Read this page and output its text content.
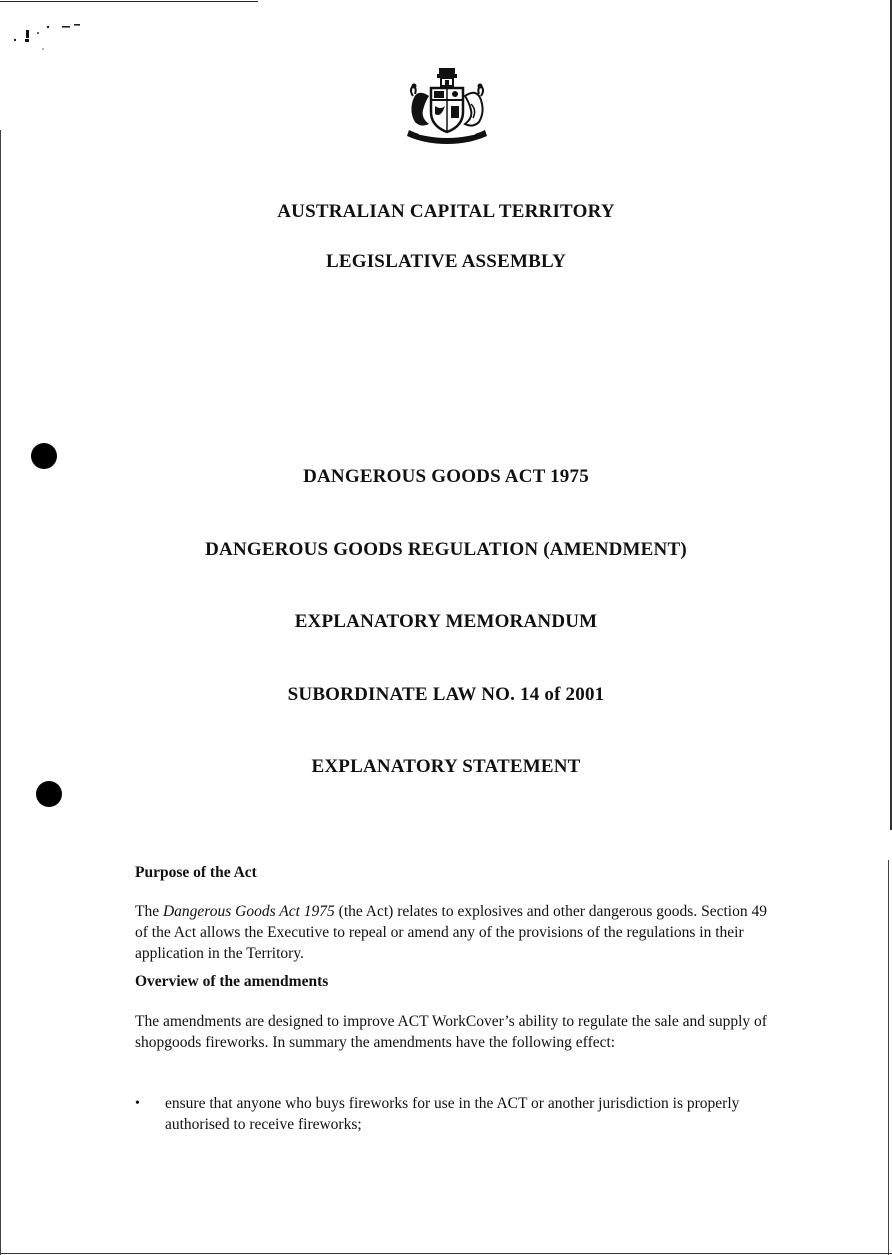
AUSTRALIAN CAPITAL TERRITORY
LEGISLATIVE ASSEMBLY
DANGEROUS GOODS ACT 1975
DANGEROUS GOODS REGULATION (AMENDMENT)
EXPLANATORY MEMORANDUM
SUBORDINATE LAW NO. 14 of 2001
EXPLANATORY STATEMENT
Purpose of the Act
The Dangerous Goods Act 1975 (the Act) relates to explosives and other dangerous goods. Section 49 of the Act allows the Executive to repeal or amend any of the provisions of the regulations in their application in the Territory.
Overview of the amendments
The amendments are designed to improve ACT WorkCover’s ability to regulate the sale and supply of shopgoods fireworks. In summary the amendments have the following effect:
•	ensure that anyone who buys fireworks for use in the ACT or another jurisdiction is properly authorised to receive fireworks;
